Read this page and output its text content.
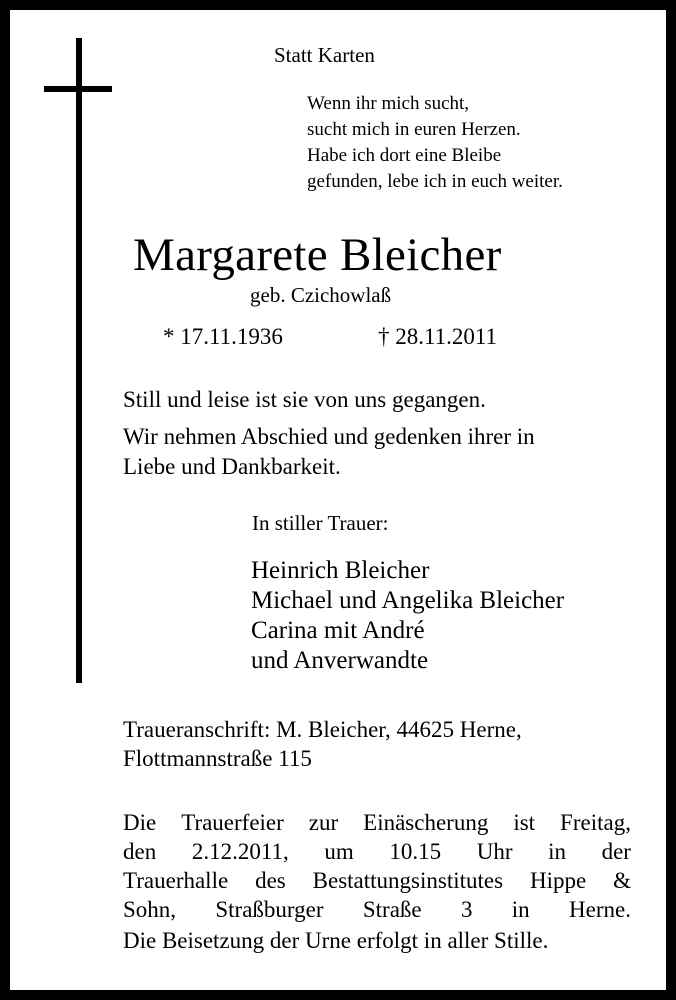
Statt Karten
Wenn ihr mich sucht,
sucht mich in euren Herzen.
Habe ich dort eine Bleibe
gefunden, lebe ich in euch weiter.
Margarete Bleicher
geb. Czichowlaß
* 17.11.1936	† 28.11.2011
Still und leise ist sie von uns gegangen.
Wir nehmen Abschied und gedenken ihrer in
Liebe und Dankbarkeit.
In stiller Trauer:
Heinrich Bleicher
Michael und Angelika Bleicher
Carina mit André
und Anverwandte
Traueranschrift: M. Bleicher, 44625 Herne,
Flottmannstraße 115
Die Trauerfeier zur Einäscherung ist Freitag,
den 2.12.2011, um 10.15 Uhr in der
Trauerhalle des Bestattungsinstitutes Hippe &
Sohn, Straßburger Straße 3 in Herne.
Die Beisetzung der Urne erfolgt in aller Stille.
